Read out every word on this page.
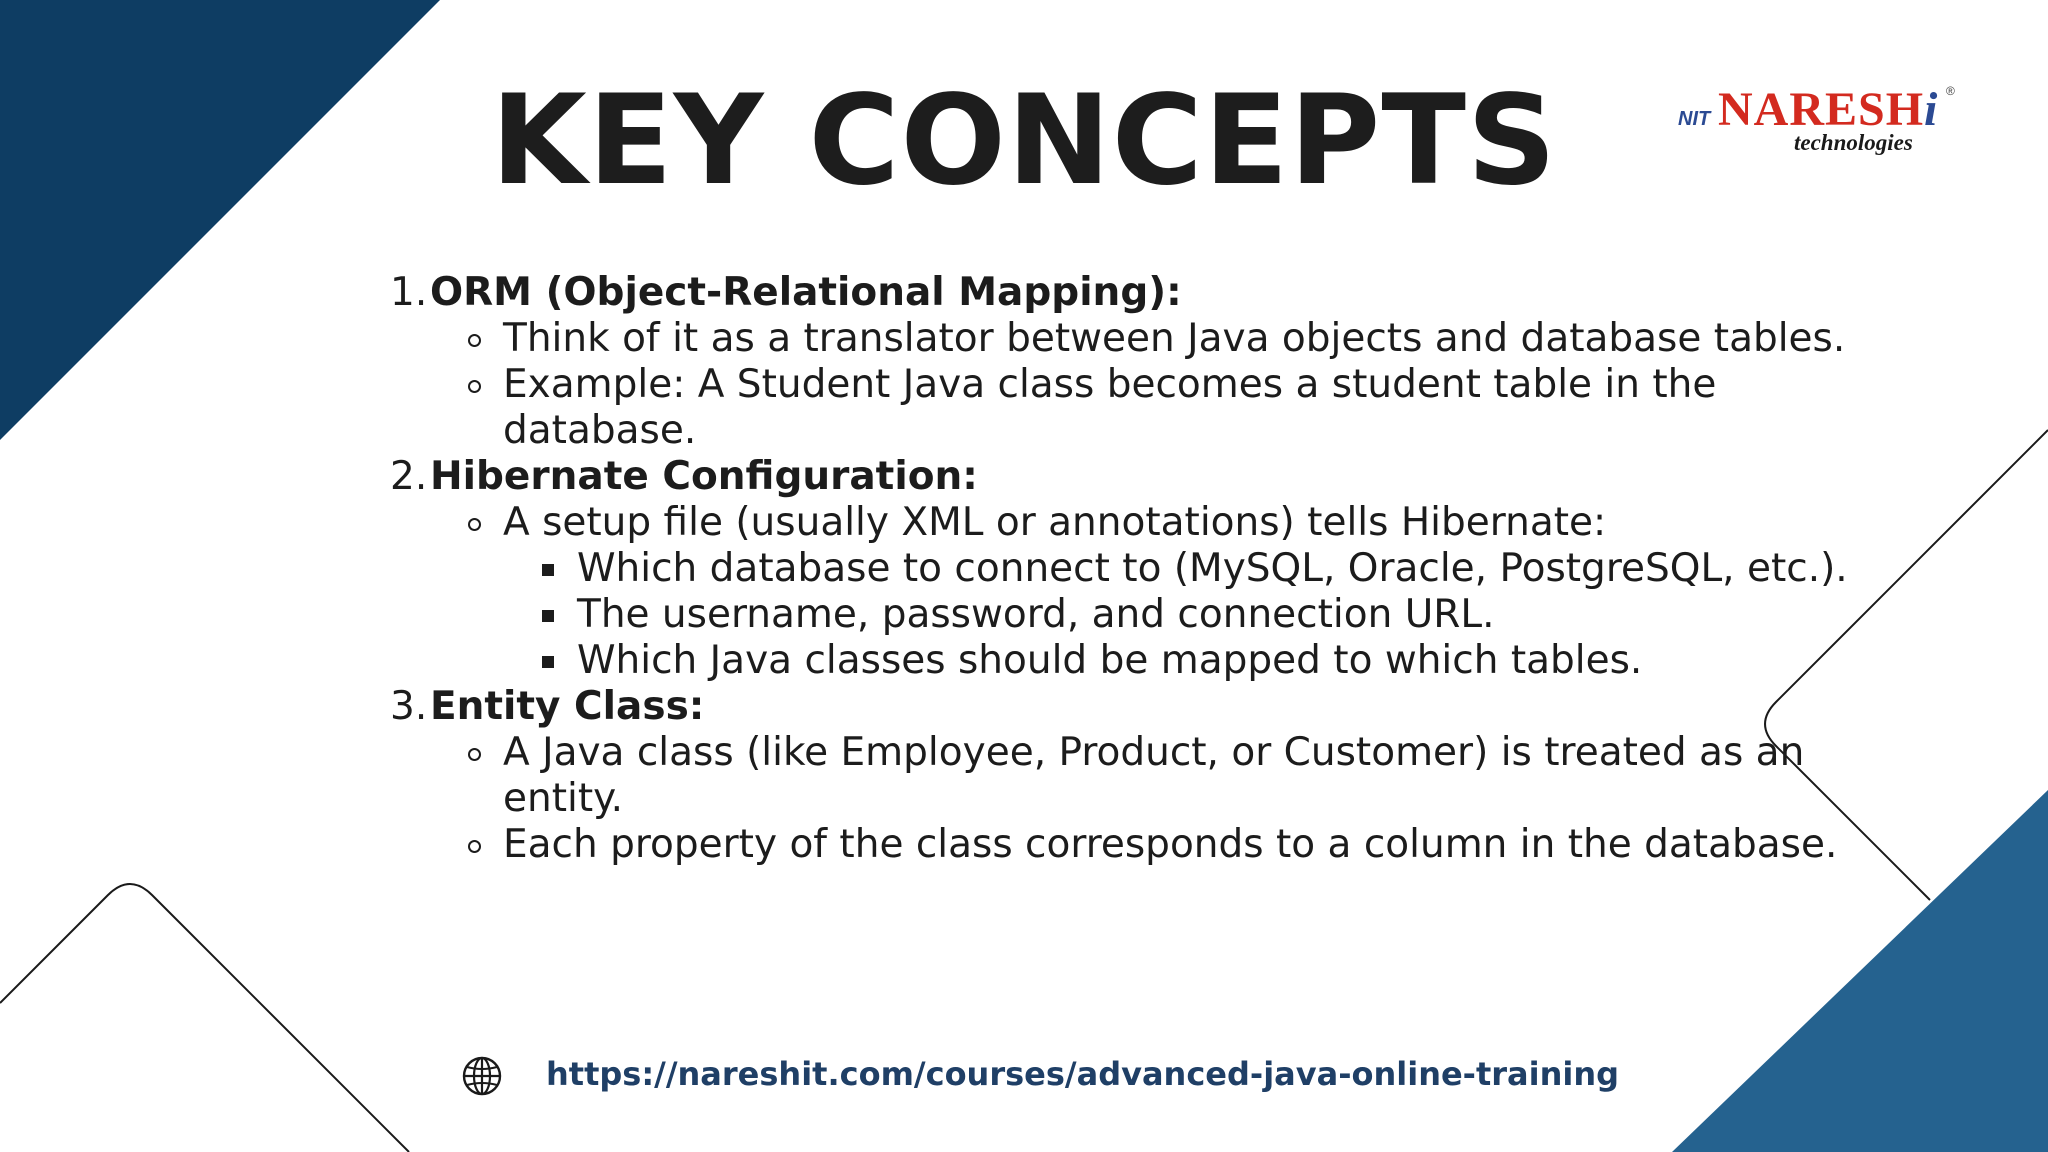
KEY CONCEPTS	NIT NARESHi ®
technologies
1. ORM (Object-Relational Mapping):
Think of it as a translator between Java objects and database tables.
Example: A Student Java class becomes a student table in the database.
2. Hibernate Configuration:
A setup file (usually XML or annotations) tells Hibernate:
Which database to connect to (MySQL, Oracle, PostgreSQL, etc.).
The username, password, and connection URL.
Which Java classes should be mapped to which tables.
3. Entity Class:
A Java class (like Employee, Product, or Customer) is treated as an entity.
Each property of the class corresponds to a column in the database.
https://nareshit.com/courses/advanced-java-online-training
